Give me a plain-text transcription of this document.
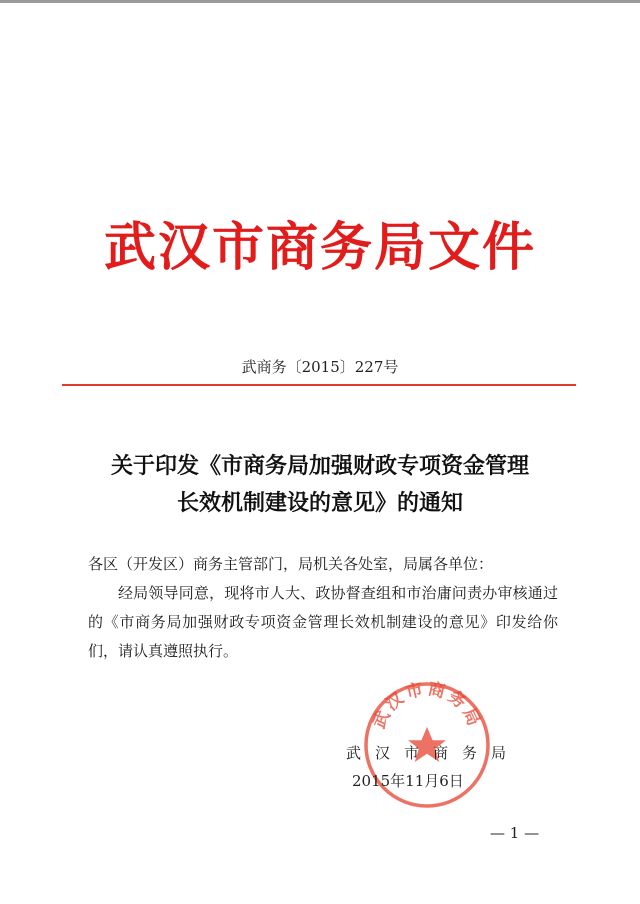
武汉市商务局文件
武商务〔2015〕227号
关于印发《市商务局加强财政专项资金管理
长效机制建设的意见》的通知
各区（开发区）商务主管部门，局机关各处室，局属各单位：
经局领导同意，现将市人大、政协督查组和市治庸问责办审核通过的《市商务局加强财政专项资金管理长效机制建设的意见》印发给你们，请认真遵照执行。
武汉市商务局
武汉市商务局
2015年11月6日
— 1 —
